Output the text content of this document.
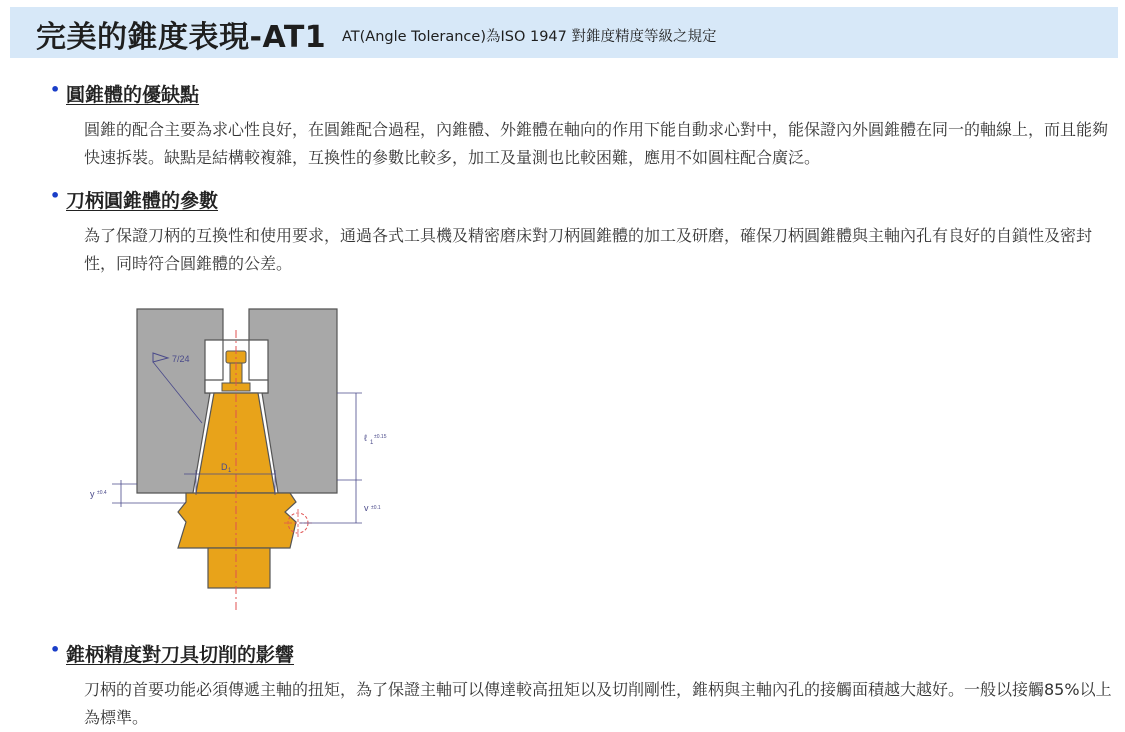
完美的錐度表現-AT1 AT(Angle Tolerance)為ISO 1947 對錐度精度等級之規定
• 圓錐體的優缺點
圓錐的配合主要為求心性良好，在圓錐配合過程，內錐體、外錐體在軸向的作用下能自動求心對中，能保證內外圓錐體在同一的軸線上，而且能夠快速拆裝。缺點是結構較複雜，互換性的參數比較多，加工及量測也比較困難，應用不如圓柱配合廣泛。
• 刀柄圓錐體的參數
為了保證刀柄的互換性和使用要求，通過各式工具機及精密磨床對刀柄圓錐體的加工及研磨，確保刀柄圓錐體與主軸內孔有良好的自鎖性及密封性，同時符合圓錐體的公差。
7/24
D 1
ℓ 1
±0.15
v ±0.1
y ±0.4
• 錐柄精度對刀具切削的影響
刀柄的首要功能必須傳遞主軸的扭矩，為了保證主軸可以傳達較高扭矩以及切削剛性，錐柄與主軸內孔的接觸面積越大越好。一般以接觸85%以上為標準。
